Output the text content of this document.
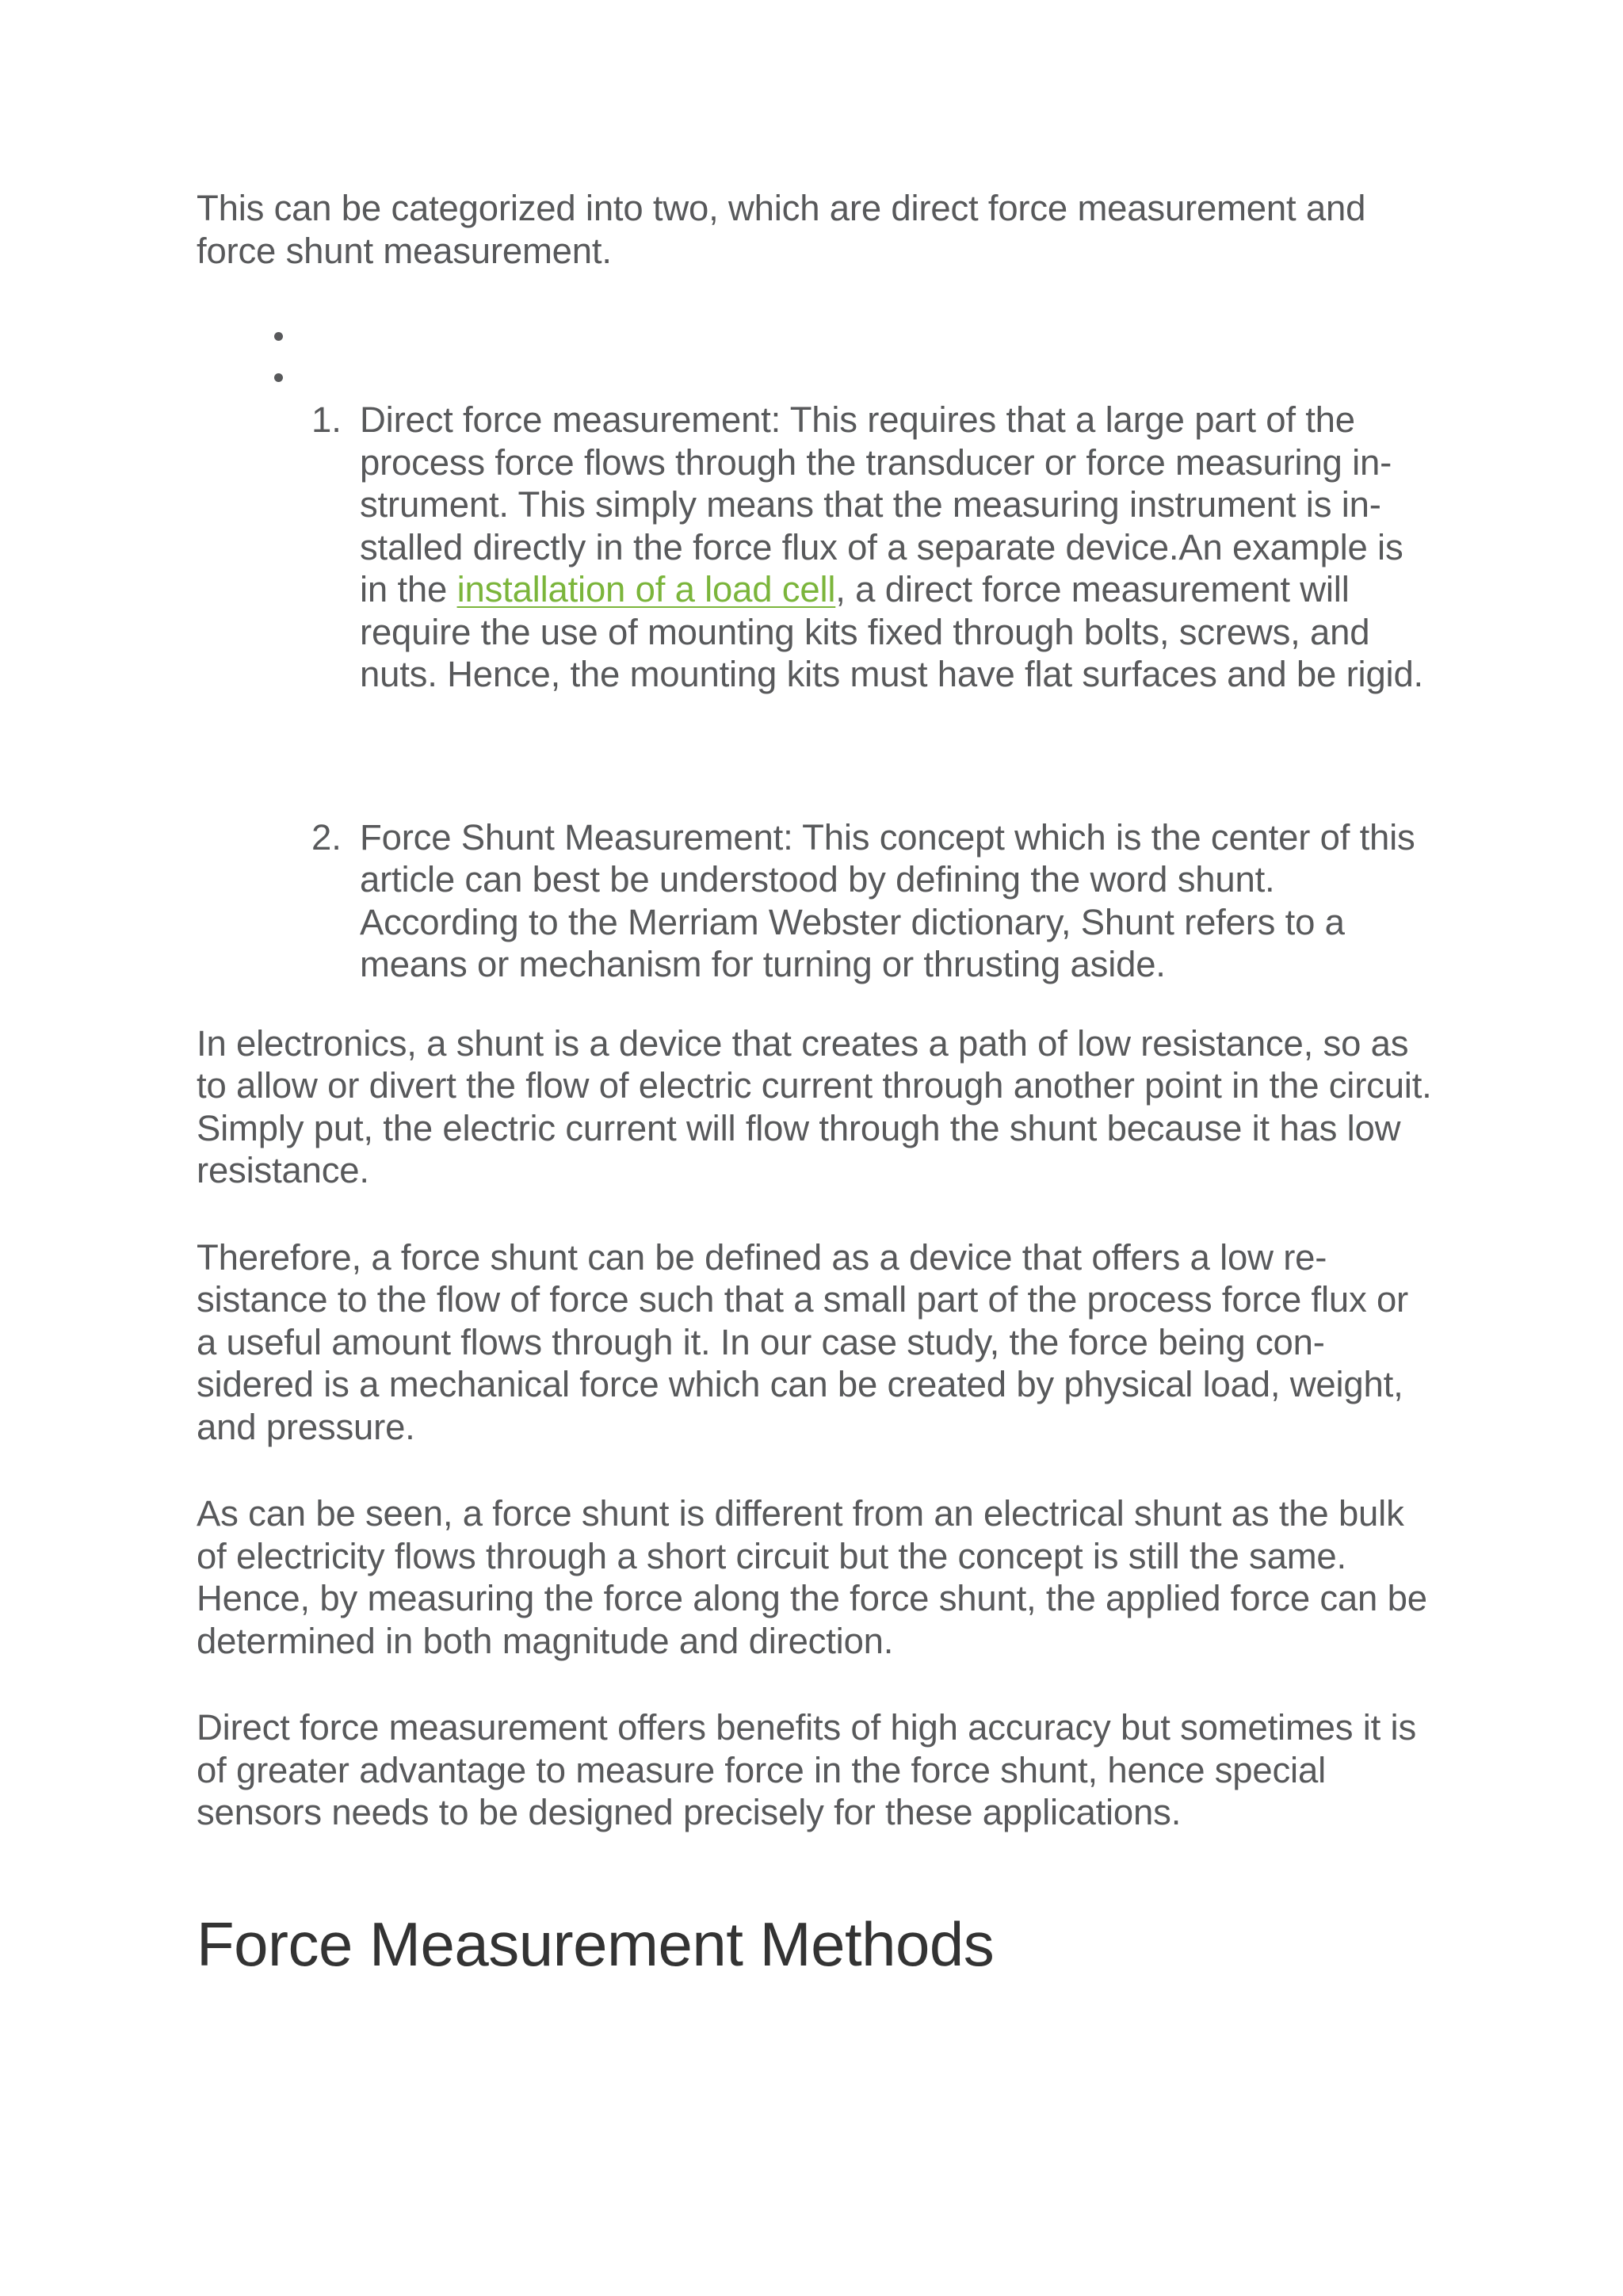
This can be categorized into two, which are direct force measurement and force shunt measurement.

1. Direct force measurement: This requires that a large part of the process force flows through the transducer or force measuring in-strument. This simply means that the measuring instrument is in-stalled directly in the force flux of a separate device.An example is in the installation of a load cell, a direct force measurement will require the use of mounting kits fixed through bolts, screws, and nuts. Hence, the mounting kits must have flat surfaces and be rigid.

2. Force Shunt Measurement: This concept which is the center of this article can best be understood by defining the word shunt. According to the Merriam Webster dictionary, Shunt refers to a means or mechanism for turning or thrusting aside.

In electronics, a shunt is a device that creates a path of low resistance, so as to allow or divert the flow of electric current through another point in the circuit. Simply put, the electric current will flow through the shunt because it has low resistance.

Therefore, a force shunt can be defined as a device that offers a low re-sistance to the flow of force such that a small part of the process force flux or a useful amount flows through it. In our case study, the force being con-sidered is a mechanical force which can be created by physical load, weight, and pressure.

As can be seen, a force shunt is different from an electrical shunt as the bulk of electricity flows through a short circuit but the concept is still the same. Hence, by measuring the force along the force shunt, the applied force can be determined in both magnitude and direction.

Direct force measurement offers benefits of high accuracy but sometimes it is of greater advantage to measure force in the force shunt, hence special sensors needs to be designed precisely for these applications.

Force Measurement Methods
